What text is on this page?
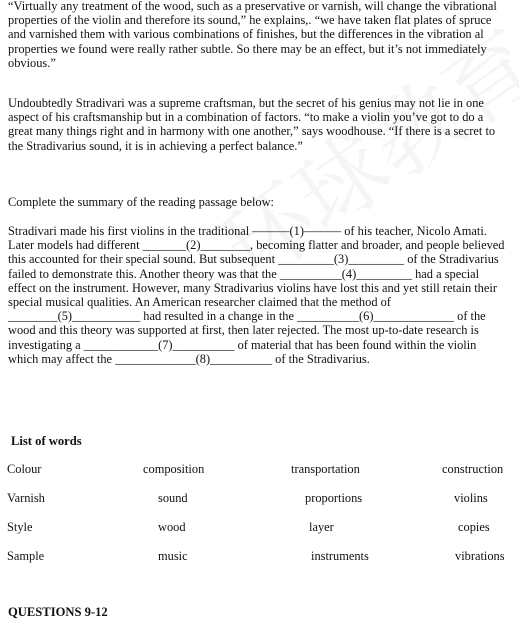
“Virtually any treatment of the wood, such as a preservative or varnish, will change the vibrational properties of the violin and therefore its sound,” he explains,. “we have taken flat plates of spruce and varnished them with various combinations of finishes, but the differences in the vibration al properties we found were really rather subtle. So there may be an effect, but it’s not immediately obvious.”
Undoubtedly Stradivari was a supreme craftsman, but the secret of his genius may not lie in one aspect of his craftsmanship but in a combination of factors. “to make a violin you’ve got to do a great many things right and in harmony with one another,” says woodhouse. “If there is a secret to the Stradivarius sound, it is in achieving a perfect balance.”
Complete the summary of the reading passage below:
Stradivari made his first violins in the traditional ———(1)——— of his teacher, Nicolo Amati. Later models had different _______(2)________, becoming flatter and broader, and people believed this accounted for their special sound. But subsequent _________(3)_________ of the Stradivarius failed to demonstrate this. Another theory was that the __________(4)_________ had a special effect on the instrument. However, many Stradivarius violins have lost this and yet still retain their special musical qualities. An American researcher claimed that the method of ________(5)___________ had resulted in a change in the __________(6)_____________ of the wood and this theory was supported at first, then later rejected. The most up-to-date research is investigating a ____________(7)__________ of material that has been found within the violin which may affect the _____________(8)__________ of the Stradivarius.
List of words
Colour	composition	transportation	construction
Varnish	sound	proportions	violins
Style	wood	layer	copies
Sample	music	instruments	vibrations
QUESTIONS 9-12
